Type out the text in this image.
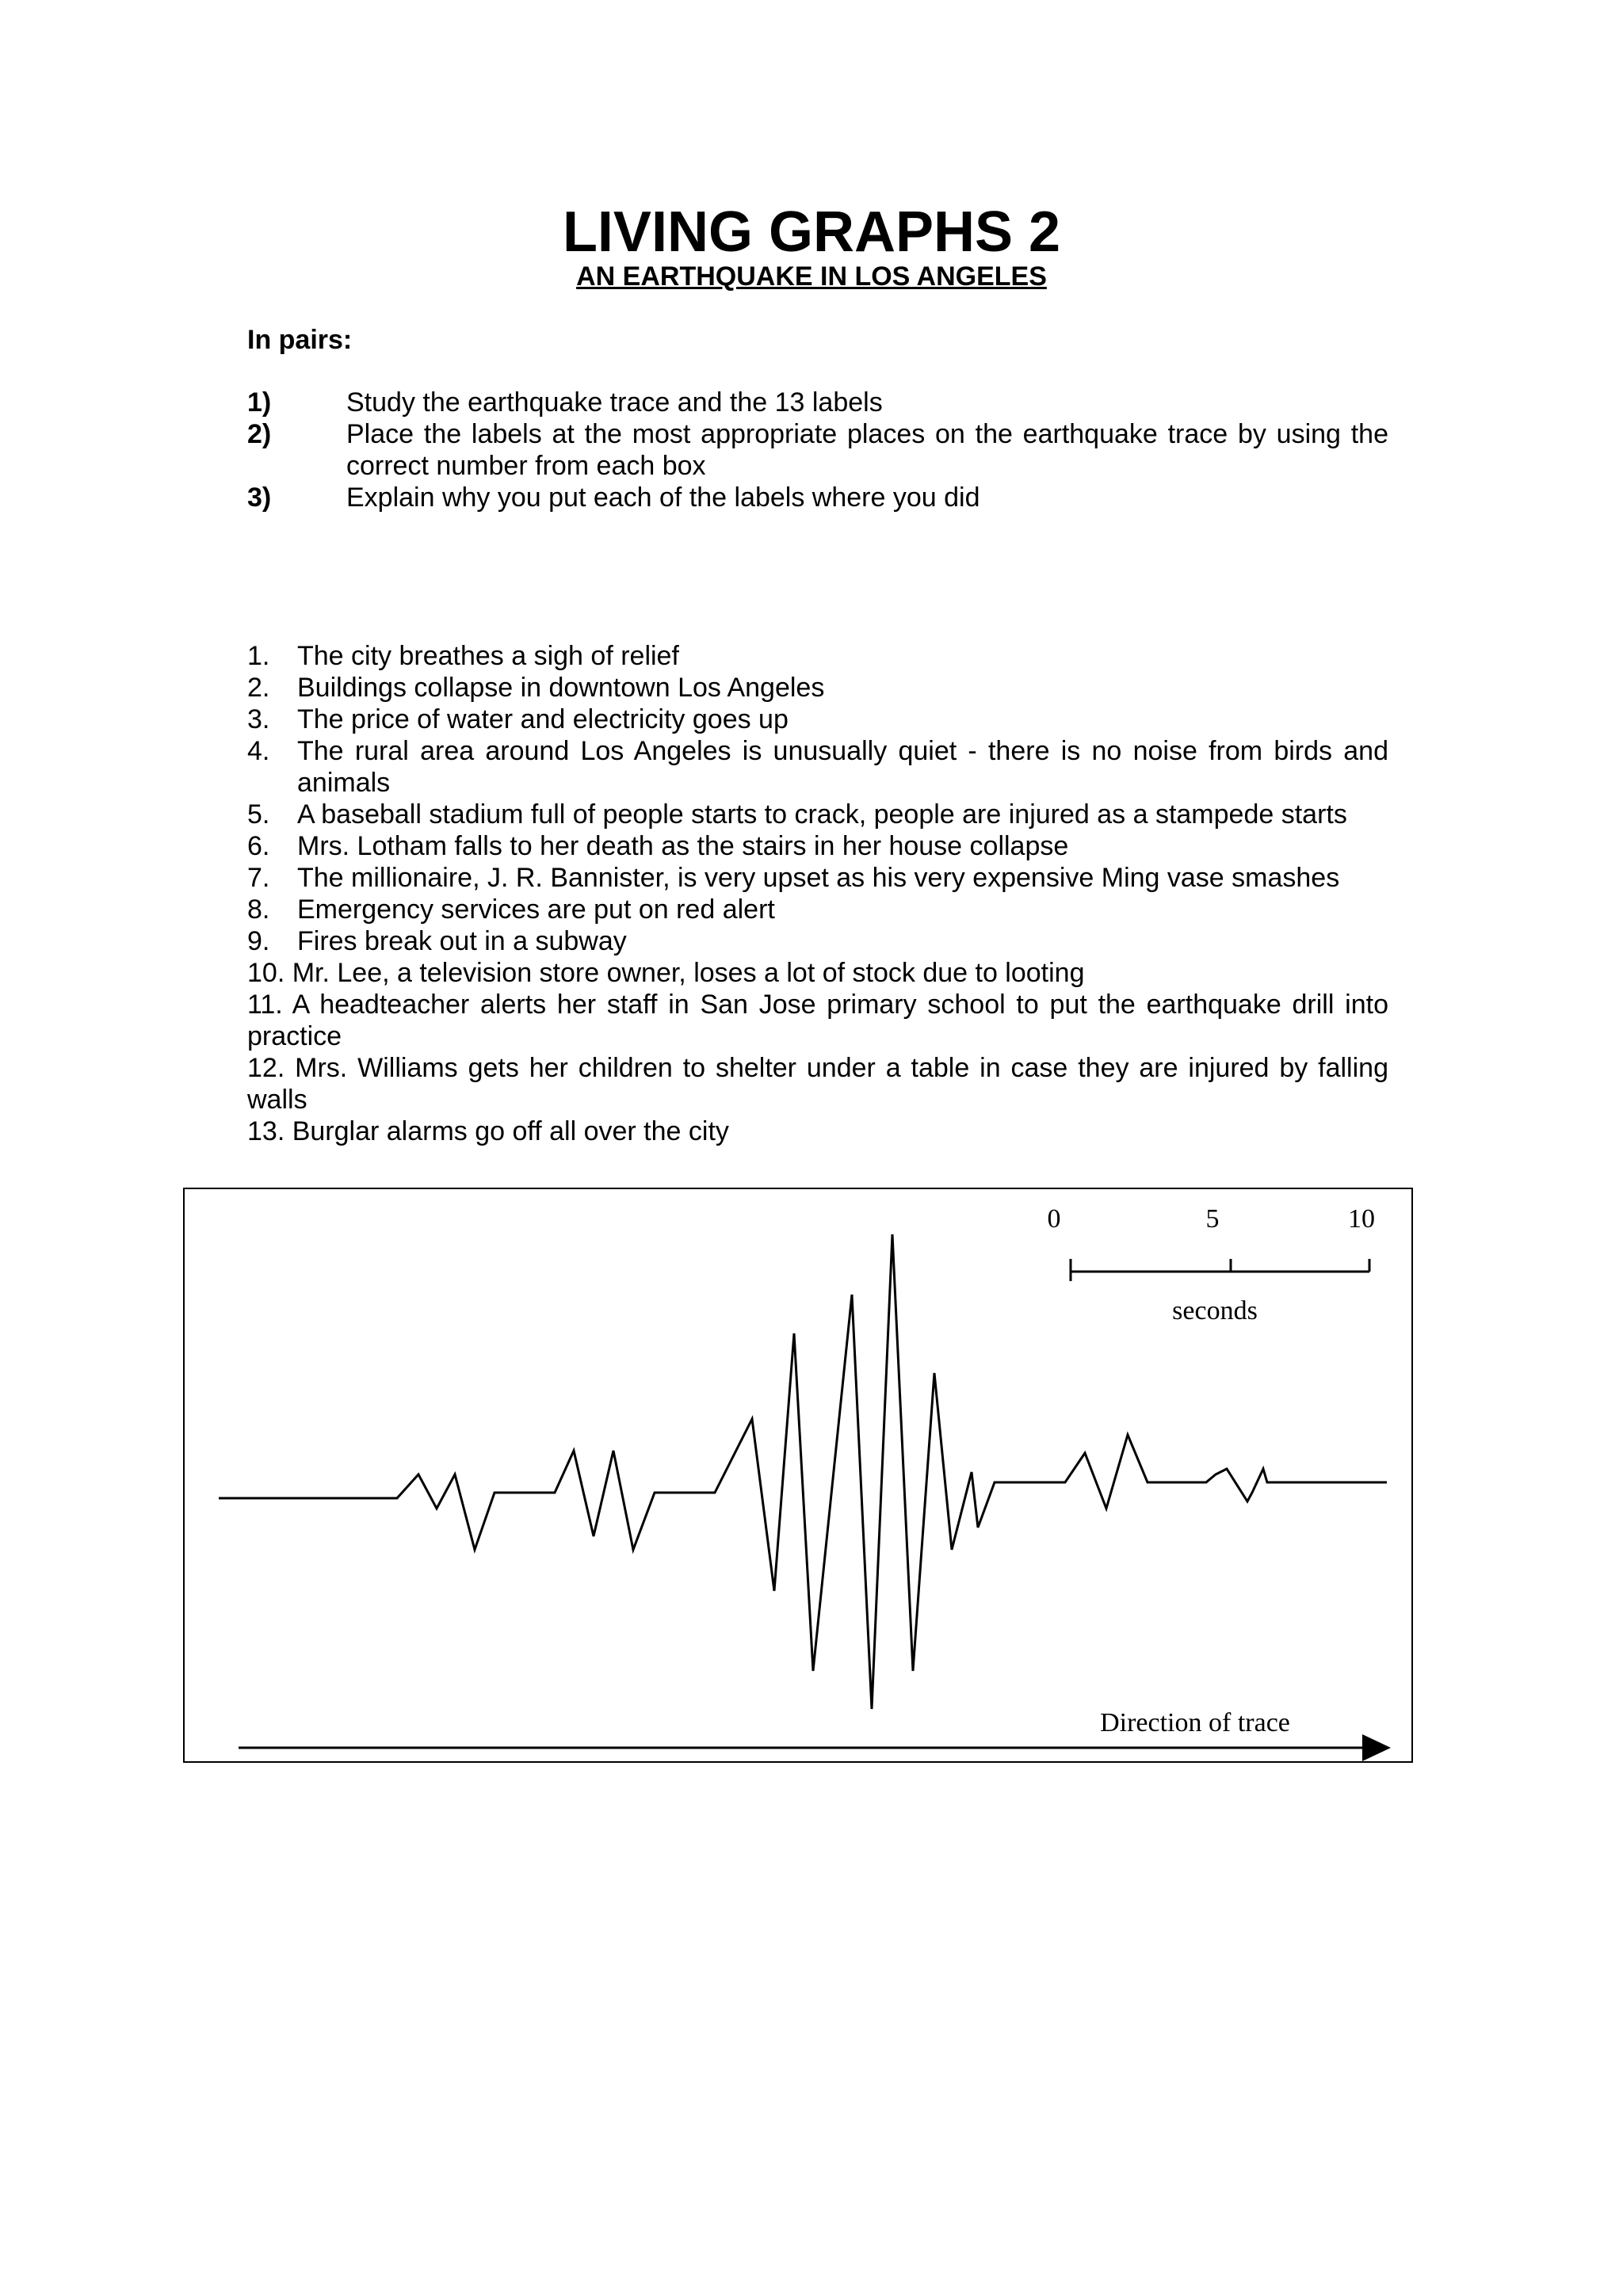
LIVING GRAPHS 2
AN EARTHQUAKE IN LOS ANGELES

In pairs:

1)	Study the earthquake trace and the 13 labels
2)	Place the labels at the most appropriate places on the earthquake trace by using the correct number from each box
3)	Explain why you put each of the labels where you did
1.	The city breathes a sigh of relief
2.	Buildings collapse in downtown Los Angeles
3.	The price of water and electricity goes up
4.	The rural area around Los Angeles is unusually quiet - there is no noise from birds and animals
5.	A baseball stadium full of people starts to crack, people are injured as a stampede starts
6.	Mrs. Lotham falls to her death as the stairs in her house collapse
7.	The millionaire, J. R. Bannister, is very upset as his very expensive Ming vase smashes
8.	Emergency services are put on red alert
9.	Fires break out in a subway
10. Mr. Lee, a television store owner, loses a lot of stock due to looting
11. A headteacher alerts her staff in San Jose primary school to put the earthquake drill into practice
12. Mrs. Williams gets her children to shelter under a table in case they are injured by falling walls
13. Burglar alarms go off all over the city
0	5	10
seconds
Direction of trace
